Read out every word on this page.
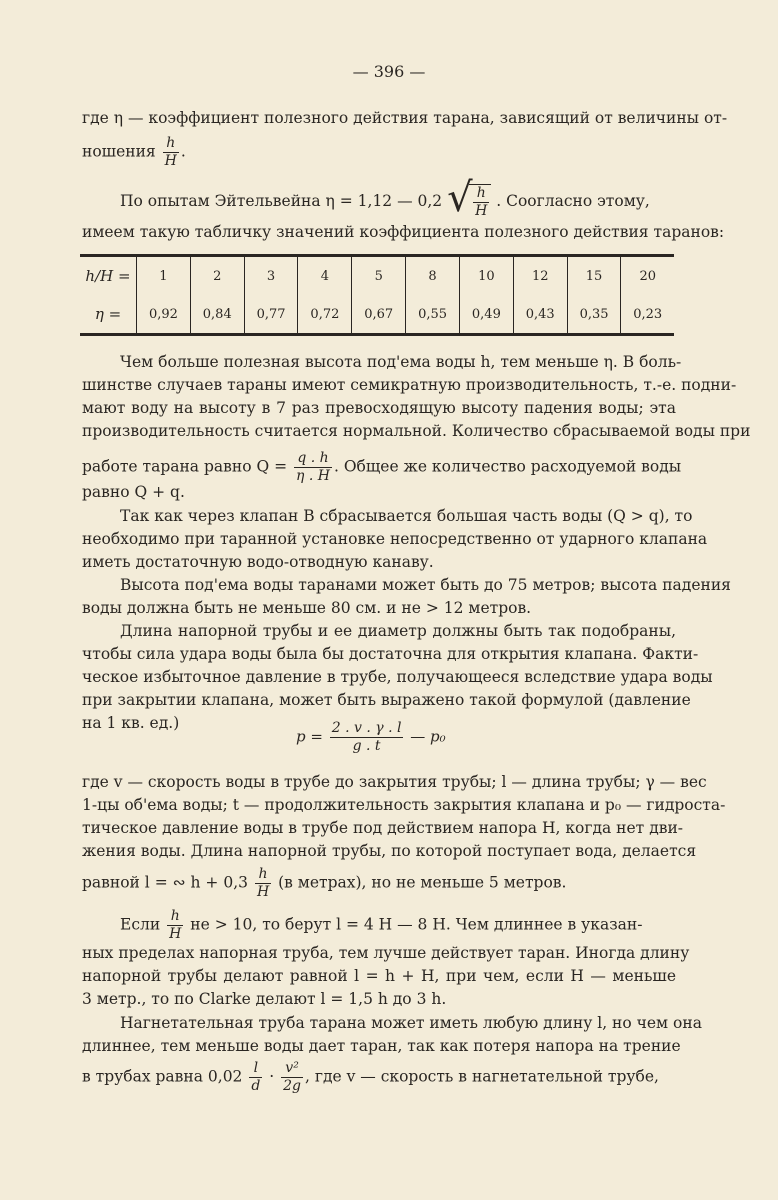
— 396 —
где η — коэффициент полезного действия тарана, зависящий от величины от-
ношения $\frac{h}{H}$ .
По опытам Эйтельвейна η = 1,12 — 0,2 √ $\frac{h}{H}$ . Соогласно этому,
имеем такую табличку значений коэффициента полезного действия таранов:
h/H =	1	2	3	4	5	8	10	12	15	20
η =	0,92	0,84	0,77	0,72	0,67	0,55	0,49	0,43	0,35	0,23
Чем больше полезная высота под'ема воды h, тем меньше η. В боль-
шинстве случаев тараны имеют семикратную производительность, т.-е. подни-
мают воду на высоту в 7 раз превосходящую высоту падения воды; эта
производительность считается нормальной. Количество сбрасываемой воды при
работе тарана равно $Q = \frac{q . h}{\eta . H}$ . Общее же количество расходуемой воды
равно Q + q.
Так как через клапан B сбрасывается большая часть воды (Q > q), то
необходимо при таранной установке непосредственно от ударного клапана
иметь достаточную водо-отводную канаву.
Высота под'ема воды таранами может быть до 75 метров; высота падения
воды должна быть не меньше 80 см. и не > 12 метров.
Длина напорной трубы и ее диаметр должны быть так подобраны,
чтобы сила удара воды была бы достаточна для открытия клапана. Факти-
ческое избыточное давление в трубе, получающееся вследствие удара воды
при закрытии клапана, может быть выражено такой формулой (давление
на 1 кв. ед.)
$p = \frac{2 . v . \gamma . l}{g . t}$ — p₀
где v — скорость воды в трубе до закрытия трубы; l — длина трубы; γ — вес
1-цы об'ема воды; t — продолжительность закрытия клапана и p₀ — гидроста-
тическое давление воды в трубе под действием напора H, когда нет дви-
жения воды. Длина напорной трубы, по которой поступает вода, делается
равной l = ∾ $h + 0,3 \frac{h}{H} (в$ метрах), но не меньше 5 метров.
Если $\frac{h}{H}$ не > 10, то берут l = 4 H — 8 H. Чем длиннее в указан-
ных пределах напорная труба, тем лучше действует таран. Иногда длину
напорной трубы делают равной l = h + H, при чем, если H — меньше
3 метр., то по Clarke делают l = 1,5 h до 3 h.
Нагнетательная труба тарана может иметь любую длину l, но чем она
длиннее, тем меньше воды дает таран, так как потеря напора на трение
в трубах равна $0,02 \frac{l}{d} \cdot \frac{\text{v²}}{2g}$ , где v — скорость в нагнетательной трубе,
